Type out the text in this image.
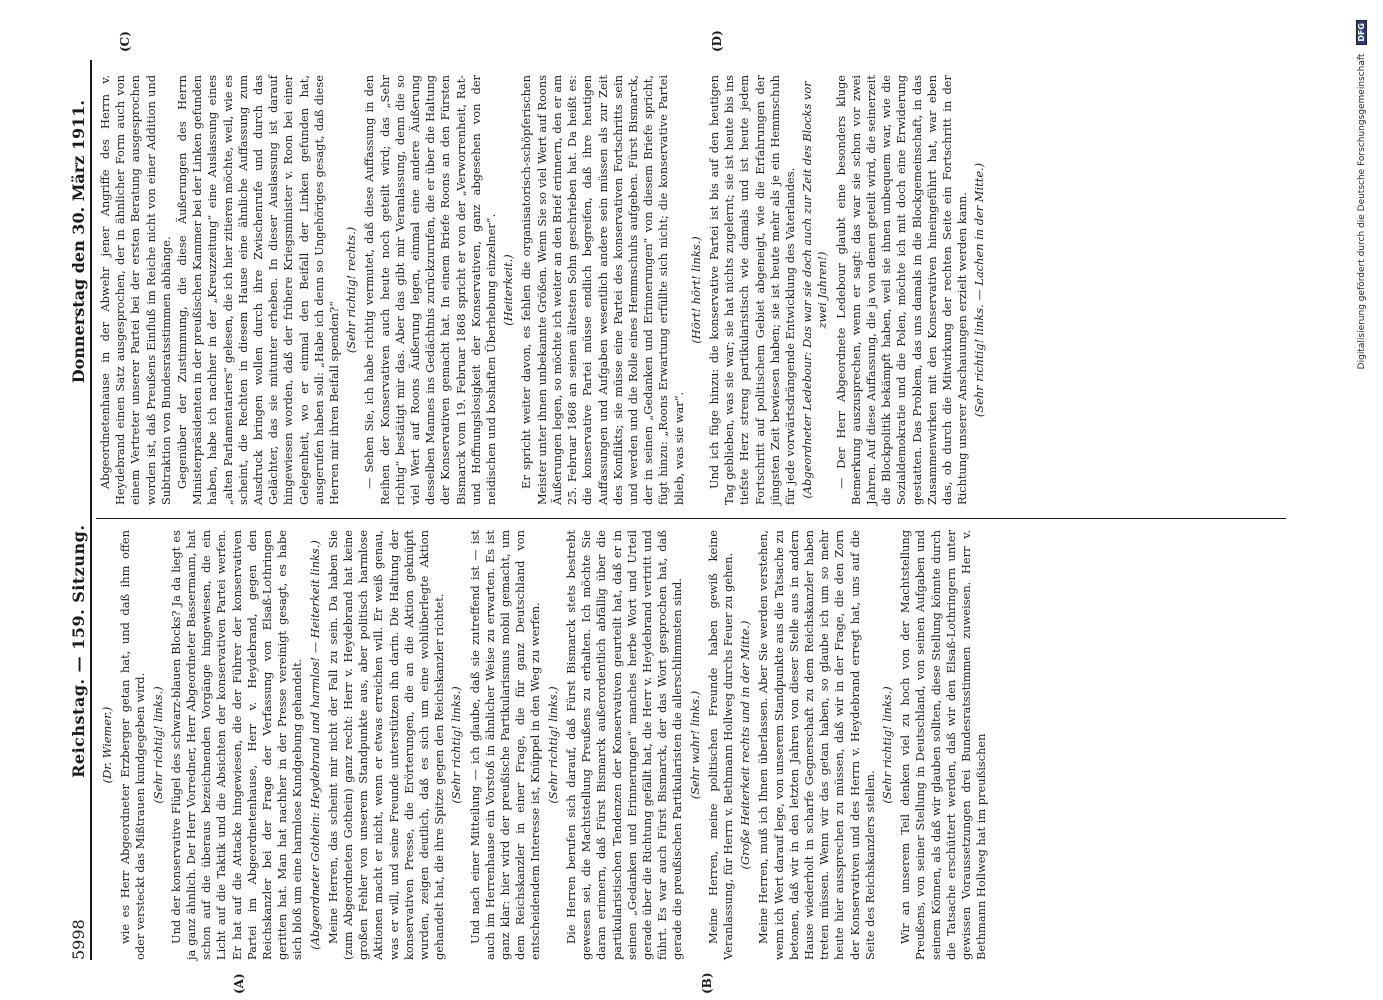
5998
Reichstag. — 159. Sitzung.
Donnerstag den 30. März 1911.
(A)	(B)
(C)	(D)
(Dr. Wiemer.) wie es Herr Abgeordneter Erzberger getan hat, und daß ihm offen oder versteckt das Mißtrauen kundgegeben wird. (Sehr richtig! links.) Und der konservative Flügel des schwarz-blauen Blocks? Ja da liegt es ja ganz ähnlich. Der Herr Vorredner, Herr Abgeordneter Bassermann, hat schon auf die überaus bezeichnenden Vorgänge hingewiesen, die ein Licht auf die Taktik und die Absichten der konservativen Partei werfen. Er hat auf die Attacke hingewiesen, die der Führer der konservativen Partei im Abgeordnetenhause, Herr v. Heydebrand, gegen den Reichskanzler bei der Frage der Verfassung von Elsaß-Lothringen geritten hat. Man hat nachher in der Presse vereinigt gesagt, es habe sich bloß um eine harmlose Kundgebung gehandelt. (Abgeordneter Gothein: Heydebrand und harmlos! — Heiterkeit links.) Meine Herren, das scheint mir nicht der Fall zu sein. Da haben Sie (zum Abgeordneten Gothein) ganz recht: Herr v. Heydebrand hat keine großen Fehler von unserem Standpunkte aus, aber politisch harmlose Aktionen macht er nicht, wenn er etwas erreichen will. Er weiß genau, was er will, und seine Freunde unterstützen ihn darin. Die Haltung der konservativen Presse, die Erörterungen, die an die Aktion geknüpft wurden, zeigen deutlich, daß es sich um eine wohlüberlegte Aktion gehandelt hat, die ihre Spitze gegen den Reichskanzler richtet. (Sehr richtig! links.) Und nach einer Mitteilung — ich glaube, daß sie zutreffend ist — ist auch im Herrenhause ein Vorstoß in ähnlicher Weise zu erwarten. Es ist ganz klar: hier wird der preußische Partikularismus mobil gemacht, um dem Reichskanzler in einer Frage, die für ganz Deutschland von entscheidendem Interesse ist, Knüppel in den Weg zu werfen. (Sehr richtig! links.) Die Herren berufen sich darauf, daß Fürst Bismarck stets bestrebt gewesen sei, die Machtstellung Preußens zu erhalten. Ich möchte Sie daran erinnern, daß Fürst Bismarck außerordentlich abfällig über die partikularistischen Tendenzen der Konservativen geurteilt hat, daß er in seinen „Gedanken und Erinnerungen“ manches herbe Wort und Urteil gerade über die Richtung gefällt hat, die Herr v. Heydebrand vertritt und führt. Es war auch Fürst Bismarck, der das Wort gesprochen hat, daß gerade die preußischen Partikularisten die allerschlimmsten sind. (Sehr wahr! links.) Meine Herren, meine politischen Freunde haben gewiß keine Veranlassung, für Herrn v. Bethmann Hollweg durchs Feuer zu gehen. (Große Heiterkeit rechts und in der Mitte.) Meine Herren, muß ich Ihnen überlassen. Aber Sie werden verstehen, wenn ich Wert darauf lege, von unserem Standpunkte aus die Tatsache zu betonen, daß wir in den letzten Jahren von dieser Stelle aus in andern Hause wiederholt in scharfe Gegnerschaft zu dem Reichskanzler haben treten müssen. Wenn wir das getan haben, so glaube ich um so mehr heute hier aussprechen zu müssen, daß wir in der Frage, die den Zorn der Konservativen und des Herrn v. Heydebrand erregt hat, uns auf die Seite des Reichskanzlers stellen.
(Sehr richtig! links.) Wir an unserem Teil denken viel zu hoch von der Machtstellung Preußens, von seiner Stellung in Deutschland, von seinen Aufgaben und seinem Können, als daß wir glauben sollten, diese Stellung könnte durch die Tatsache erschüttert werden, daß wir den Elsaß-Lothringern unter gewissen Voraussetzungen drei Bundesratsstimmen zuweisen. Herr v. Bethmann Hollweg hat im preußischen
Abgeordnetenhause in der Abwehr jener Angriffe des Herrn v. Heydebrand einen Satz ausgesprochen, der in ähnlicher Form auch von einem Vertreter unserer Partei bei der ersten Beratung ausgesprochen worden ist, daß Preußens Einfluß im Reiche nicht von einer Addition und Subtraktion von Bundesratsstimmen abhänge. Gegenüber der Zustimmung, die diese Äußerungen des Herrn Ministerpräsidenten in der preußischen Kammer bei der Linken gefunden haben, habe ich nachher in der „Kreuzzeitung“ eine Auslassung eines „alten Parlamentariers“ gelesen, die ich hier zitieren möchte, weil, wie es scheint, die Rechten in diesem Hause eine ähnliche Auffassung zum Ausdruck bringen wollen durch ihre Zwischenrufe und durch das Gelächter, das sie mitunter erheben. In dieser Auslassung ist darauf hingewiesen worden, daß der frühere Kriegsminister v. Roon bei einer Gelegenheit, wo er einmal den Beifall der Linken gefunden hat, ausgerufen haben soll: „Habe ich denn so Ungehöriges gesagt, daß diese Herren mir ihren Beifall spenden?“
(Sehr richtig! rechts.) — Sehen Sie, ich habe richtig vermutet, daß diese Auffassung in den Reihen der Konservativen auch heute noch geteilt wird; das „Sehr richtig“ bestätigt mir das. Aber das gibt mir Veranlassung, denn die so viel Wert auf Roons Äußerung legen, einmal eine andere Äußerung desselben Mannes ins Gedächtnis zurückzurufen, die er über die Haltung der Konservativen gemacht hat. In einem Briefe Roons an den Fürsten Bismarck vom 19. Februar 1868 spricht er von der „Verworrenheit, Rat- und Hoffnungslosigkeit der Konservativen, ganz abgesehen von der neidischen und boshaften Überhebung einzelner“. (Heiterkeit.) Er spricht weiter davon, es fehlen die organisatorisch-schöpferischen Meister unter ihnen unbekannte Größen. Wenn Sie so viel Wert auf Roons Äußerungen legen, so möchte ich weiter an den Brief erinnern, den er am 25. Februar 1868 an seinen ältesten Sohn geschrieben hat. Da heißt es: die konservative Partei müsse endlich begreifen, daß ihre heutigen Auffassungen und Aufgaben wesentlich andere sein müssen als zur Zeit des Konflikts; sie müsse eine Partei des konservativen Fortschritts sein und werden und die Rolle eines Hemmschuhs aufgeben. Fürst Bismarck, der in seinen „Gedanken und Erinnerungen“ von diesem Briefe spricht, fügt hinzu: „Roons Erwartung erfüllte sich nicht; die konservative Partei blieb, was sie war“.
(Hört! hört! links.) Und ich füge hinzu: die konservative Partei ist bis auf den heutigen Tag geblieben, was sie war; sie hat nichts zugelernt; sie ist heute bis ins tiefste Herz streng partikularistisch wie damals und ist heute jedem Fortschritt auf politischem Gebiet abgeneigt, wie die Erfahrungen der jüngsten Zeit bewiesen haben; sie ist heute mehr als je ein Hemmschuh für jede vorwärtsdrängende Entwicklung des Vaterlandes. (Abgeordneter Ledebour: Das war sie doch auch zur Zeit des Blocks vor zwei Jahren!) — Der Herr Abgeordnete Ledebour glaubt eine besonders kluge Bemerkung auszusprechen, wenn er sagt: das war sie schon vor zwei Jahren. Auf diese Auffassung, die ja von denen geteilt wird, die seinerzeit die Blockpolitik bekämpft haben, weil sie ihnen unbequem war, wie die Sozialdemokratie und die Polen, möchte ich mit doch eine Erwiderung gestatten. Das Problem, das uns damals in die Blockgemeinschaft, in das Zusammenwirken mit den Konservativen hineingeführt hat, war eben das, ob durch die Mitwirkung der rechten Seite ein Fortschritt in der Richtung unserer Anschauungen erzielt werden kann. (Sehr richtig! links. — Lachen in der Mitte.)	Digitalisierung gefördert durch die Deutsche Forschungsgemeinschaft DFG
